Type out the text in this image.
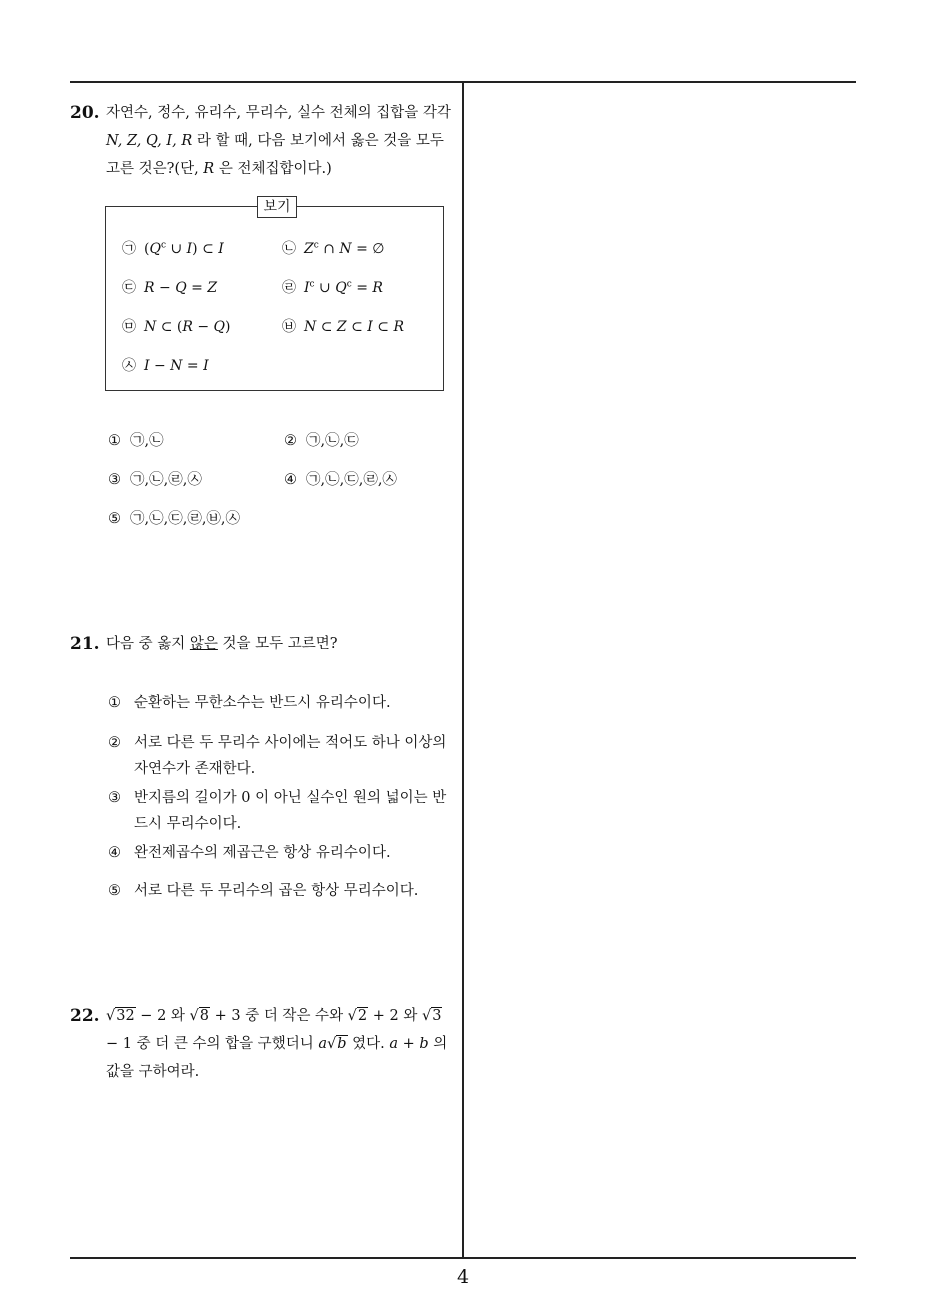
20. 자연수, 정수, 유리수, 무리수, 실수 전체의 집합을 각각 N, Z, Q, I, R 라 할 때, 다음 보기에서 옳은 것을 모두 고른 것은?(단, R 은 전체집합이다.)
보기
㉠ ($Q^c$ ∪ I) ⊂ I	㉡ $Z^c$ ∩ N = ∅
㉢ R − Q = Z	㉣ $I^c$ ∪ $Q^c = R$
㉤ N ⊂ (R − Q)	㉥ N ⊂ Z ⊂ I ⊂ R
㉦ I − N = I
① ㉠,㉡	② ㉠,㉡,㉢
③ ㉠,㉡,㉣,㉦	④ ㉠,㉡,㉢,㉣,㉦
⑤ ㉠,㉡,㉢,㉣,㉥,㉦
21. 다음 중 옳지 않은 것을 모두 고르면?
① 순환하는 무한소수는 반드시 유리수이다.
② 서로 다른 두 무리수 사이에는 적어도 하나 이상의 자연수가 존재한다.
③ 반지름의 길이가 0 이 아닌 실수인 원의 넓이는 반드시 무리수이다.
④ 완전제곱수의 제곱근은 항상 유리수이다.
⑤ 서로 다른 두 무리수의 곱은 항상 무리수이다.
22. √32 − 2 와 √8 + 3 중 더 작은 수와 √2 + 2 와 √3 − 1 중 더 큰 수의 합을 구했더니 a√b 였다. a + b 의 값을 구하여라.
4
